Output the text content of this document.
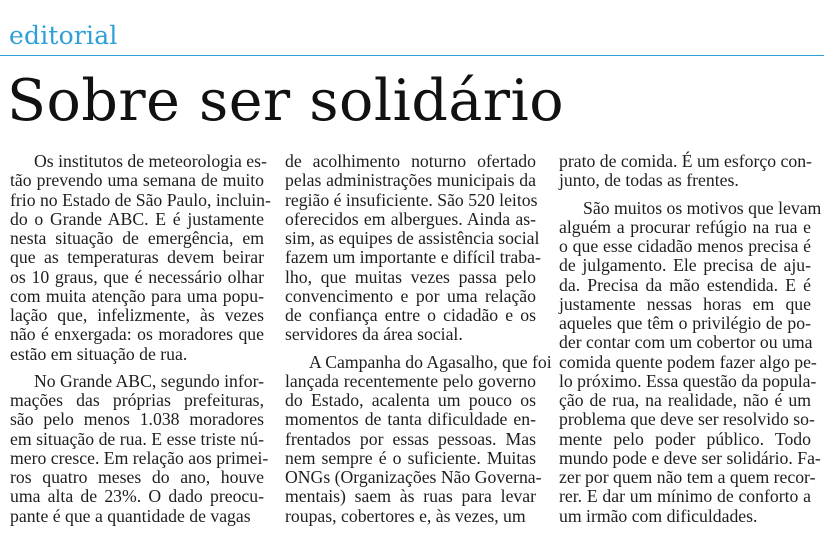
editorial
Sobre ser solidário

Os institutos de meteorologia es-
tão prevendo uma semana de muito
frio no Estado de São Paulo, incluin-
do o Grande ABC. E é justamente
nesta situação de emergência, em
que as temperaturas devem beirar
os 10 graus, que é necessário olhar
com muita atenção para uma popu-
lação que, infelizmente, às vezes
não é enxergada: os moradores que
estão em situação de rua.

No Grande ABC, segundo infor-
mações das próprias prefeituras,
são pelo menos 1.038 moradores
em situação de rua. E esse triste nú-
mero cresce. Em relação aos primei-
ros quatro meses do ano, houve
uma alta de 23%. O dado preocu-
pante é que a quantidade de vagas

de acolhimento noturno ofertado
pelas administrações municipais da
região é insuficiente. São 520 leitos
oferecidos em albergues. Ainda as-
sim, as equipes de assistência social
fazem um importante e difícil traba-
lho, que muitas vezes passa pelo
convencimento e por uma relação
de confiança entre o cidadão e os
servidores da área social.

A Campanha do Agasalho, que foi
lançada recentemente pelo governo
do Estado, acalenta um pouco os
momentos de tanta dificuldade en-
frentados por essas pessoas. Mas
nem sempre é o suficiente. Muitas
ONGs (Organizações Não Governa-
mentais) saem às ruas para levar
roupas, cobertores e, às vezes, um

prato de comida. É um esforço con-
junto, de todas as frentes.

São muitos os motivos que levam
alguém a procurar refúgio na rua e
o que esse cidadão menos precisa é
de julgamento. Ele precisa de aju-
da. Precisa da mão estendida. E é
justamente nessas horas em que
aqueles que têm o privilégio de po-
der contar com um cobertor ou uma
comida quente podem fazer algo pe-
lo próximo. Essa questão da popula-
ção de rua, na realidade, não é um
problema que deve ser resolvido so-
mente pelo poder público. Todo
mundo pode e deve ser solidário. Fa-
zer por quem não tem a quem recor-
rer. E dar um mínimo de conforto a
um irmão com dificuldades.
